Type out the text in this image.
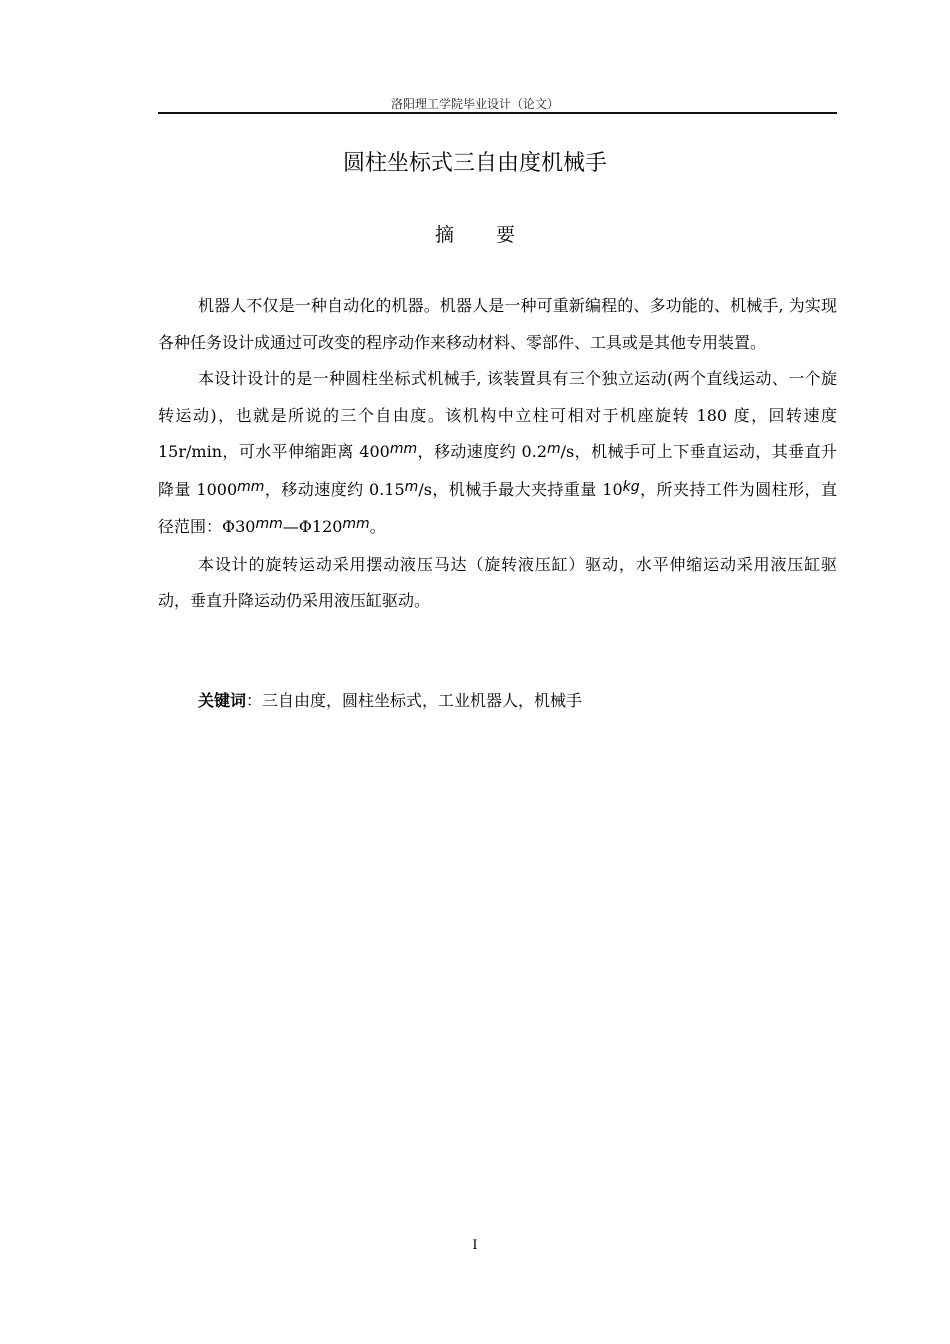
洛阳理工学院毕业设计（论文）
圆柱坐标式三自由度机械手
摘 要

机器人不仅是一种自动化的机器。机器人是一种可重新编程的、多功能的、机械手, 为实现各种任务设计成通过可改变的程序动作来移动材料、零部件、工具或是其他专用装置。

本设计设计的是一种圆柱坐标式机械手, 该装置具有三个独立运动(两个直线运动、一个旋转运动)，也就是所说的三个自由度。该机构中立柱可相对于机座旋转 180 度，回转速度 15r/min，可水平伸缩距离 400mm，移动速度约 0.2m/s，机械手可上下垂直运动，其垂直升降量 1000mm，移动速度约 0.15m/s，机械手最大夹持重量 10kg，所夹持工件为圆柱形，直径范围：Φ30mm—Φ120mm。

本设计的旋转运动采用摆动液压马达（旋转液压缸）驱动，水平伸缩运动采用液压缸驱动，垂直升降运动仍采用液压缸驱动。

关键词：三自由度，圆柱坐标式，工业机器人，机械手
I
